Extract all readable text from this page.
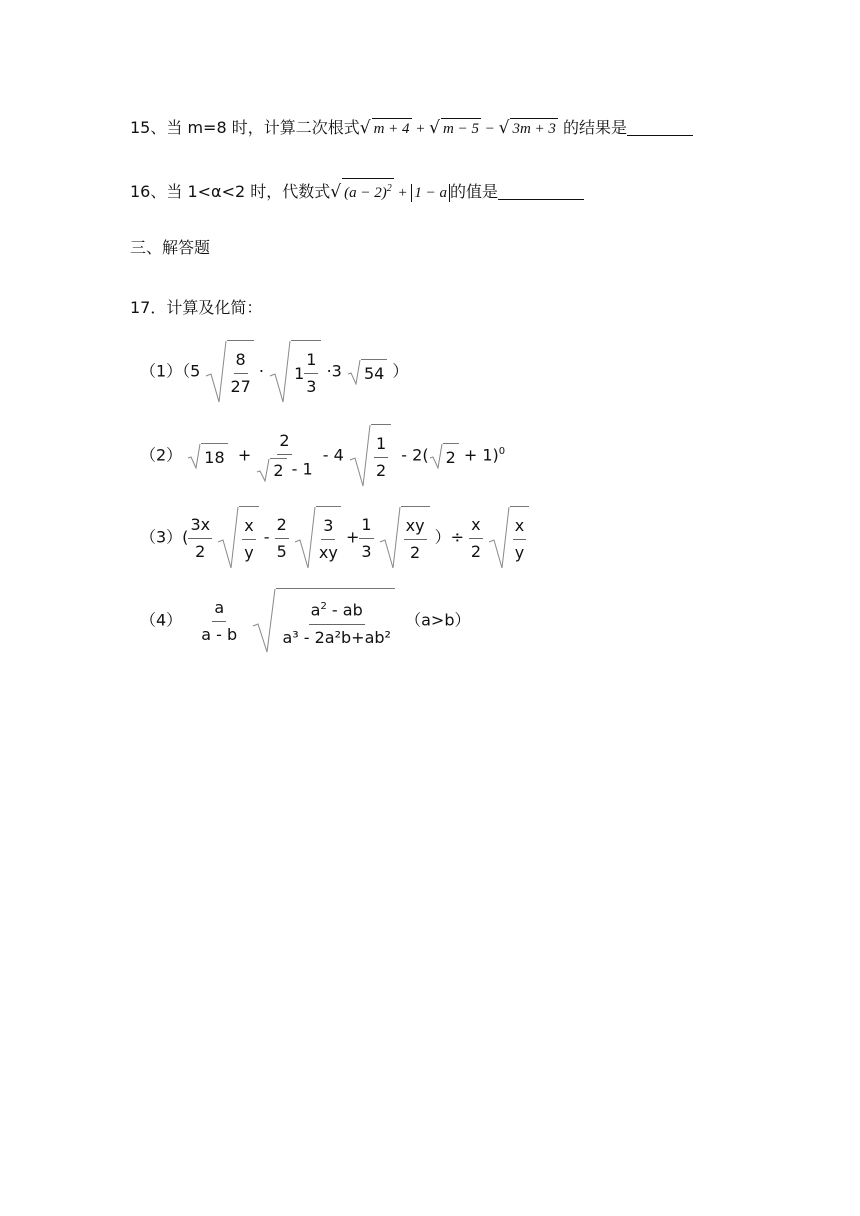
15、当 m=8 时，计算二次根式√ m + 4 + √ m − 5 − √ 3m + 3 的结果是
16、当 1<α<2 时，代数式√ $(a - 2)^2 + 1 - a$ 的值是
三、解答题
17．计算及化简：
$(1)(5 \frac{8}{27} \cdot 1 \frac{1}{3} \cdot 3$ 54 ）
（2） $18 + \frac{2}{2 - 1} - 4 \frac{1}{2} - 2$( 2 + 1)$^0$
$(3)( \frac{3x}{2}$
$\frac{x}{y} - \frac{2}{5}$
$\frac{3}{xy} + \frac{1}{3}$
$\frac{xy}{2}$ ）÷ $\frac{x}{2}$
$\frac{x}{y}$
$(4) \frac{a}{a - b}$
	$\frac{a^2 - ab}{\text{a³ - 2a²b+ab²}} (a>b)$
